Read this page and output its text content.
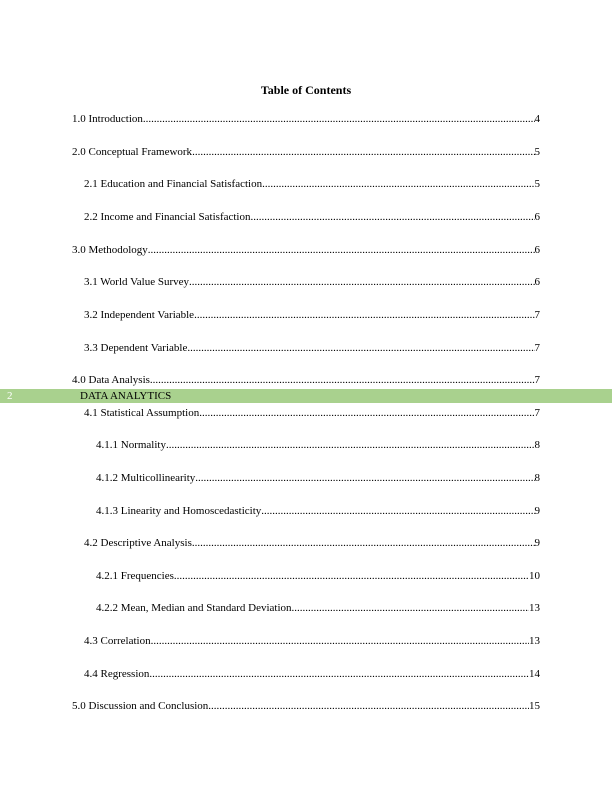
Table of Contents
1.0 Introduction .....	4
2.0 Conceptual Framework .....	5
2.1 Education and Financial Satisfaction .....	5
2.2 Income and Financial Satisfaction .....	6
3.0 Methodology .....	6
3.1 World Value Survey .....	6
3.2 Independent Variable .....	7
3.3 Dependent Variable .....	7
4.0 Data Analysis .....	7
2	DATA ANALYTICS
4.1 Statistical Assumption .....	7
4.1.1 Normality .....	8
4.1.2 Multicollinearity .....	8
4.1.3 Linearity and Homoscedasticity .....	9
4.2 Descriptive Analysis .....	9
4.2.1 Frequencies .....	10
4.2.2 Mean, Median and Standard Deviation .....	13
4.3 Correlation .....	13
4.4 Regression .....	14
5.0 Discussion and Conclusion .....	15
